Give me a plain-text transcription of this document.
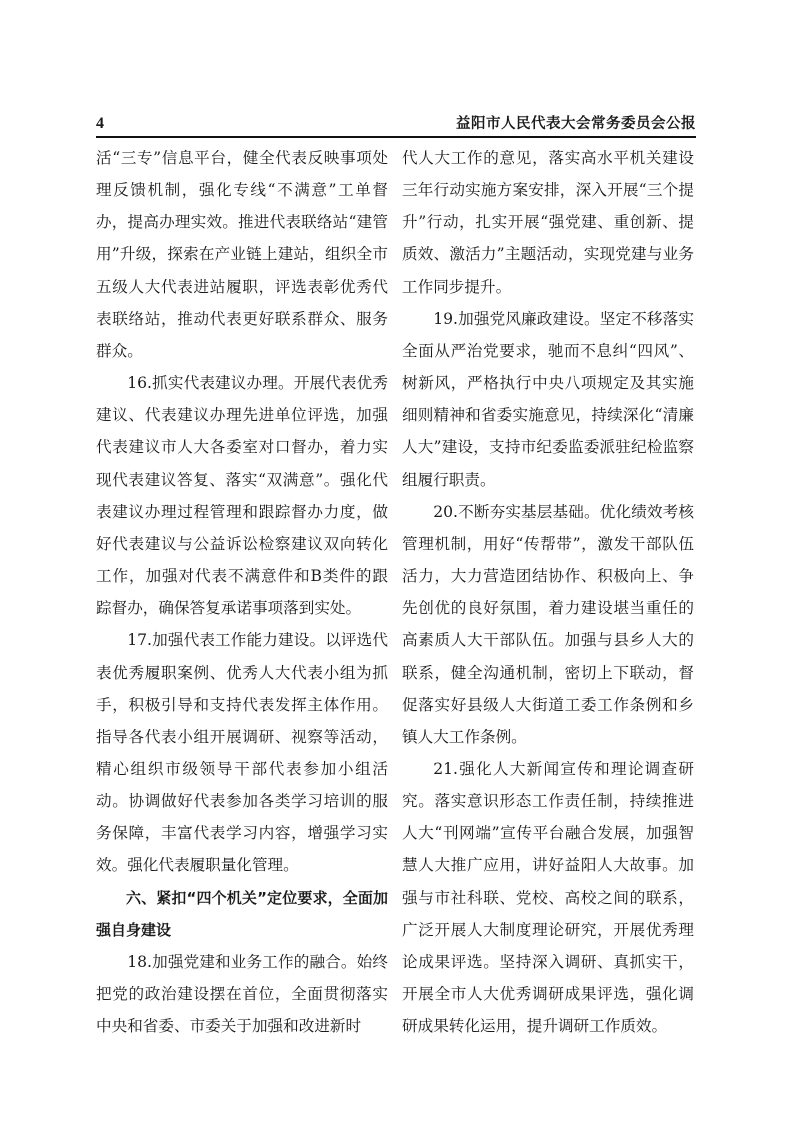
4	益阳市人民代表大会常务委员会公报

活“三专”信息平台，健全代表反映事项处理反馈机制，强化专线“不满意”工单督办，提高办理实效。推进代表联络站“建管用”升级，探索在产业链上建站，组织全市五级人大代表进站履职，评选表彰优秀代表联络站，推动代表更好联系群众、服务群众。

16.抓实代表建议办理。开展代表优秀建议、代表建议办理先进单位评选，加强代表建议市人大各委室对口督办，着力实现代表建议答复、落实“双满意”。强化代表建议办理过程管理和跟踪督办力度，做好代表建议与公益诉讼检察建议双向转化工作，加强对代表不满意件和B类件的跟踪督办，确保答复承诺事项落到实处。

17.加强代表工作能力建设。以评选代表优秀履职案例、优秀人大代表小组为抓手，积极引导和支持代表发挥主体作用。指导各代表小组开展调研、视察等活动，精心组织市级领导干部代表参加小组活动。协调做好代表参加各类学习培训的服务保障，丰富代表学习内容，增强学习实效。强化代表履职量化管理。

六、紧扣“四个机关”定位要求，全面加强自身建设

18.加强党建和业务工作的融合。始终把党的政治建设摆在首位，全面贯彻落实中央和省委、市委关于加强和改进新时

代人大工作的意见，落实高水平机关建设三年行动实施方案安排，深入开展“三个提升”行动，扎实开展“强党建、重创新、提质效、激活力”主题活动，实现党建与业务工作同步提升。

19.加强党风廉政建设。坚定不移落实全面从严治党要求，驰而不息纠“四风”、树新风，严格执行中央八项规定及其实施细则精神和省委实施意见，持续深化“清廉人大”建设，支持市纪委监委派驻纪检监察组履行职责。

20.不断夯实基层基础。优化绩效考核管理机制，用好“传帮带”，激发干部队伍活力，大力营造团结协作、积极向上、争先创优的良好氛围，着力建设堪当重任的高素质人大干部队伍。加强与县乡人大的联系，健全沟通机制，密切上下联动，督促落实好县级人大街道工委工作条例和乡镇人大工作条例。

21.强化人大新闻宣传和理论调查研究。落实意识形态工作责任制，持续推进人大“刊网端”宣传平台融合发展，加强智慧人大推广应用，讲好益阳人大故事。加强与市社科联、党校、高校之间的联系，广泛开展人大制度理论研究，开展优秀理论成果评选。坚持深入调研、真抓实干，开展全市人大优秀调研成果评选，强化调研成果转化运用，提升调研工作质效。
